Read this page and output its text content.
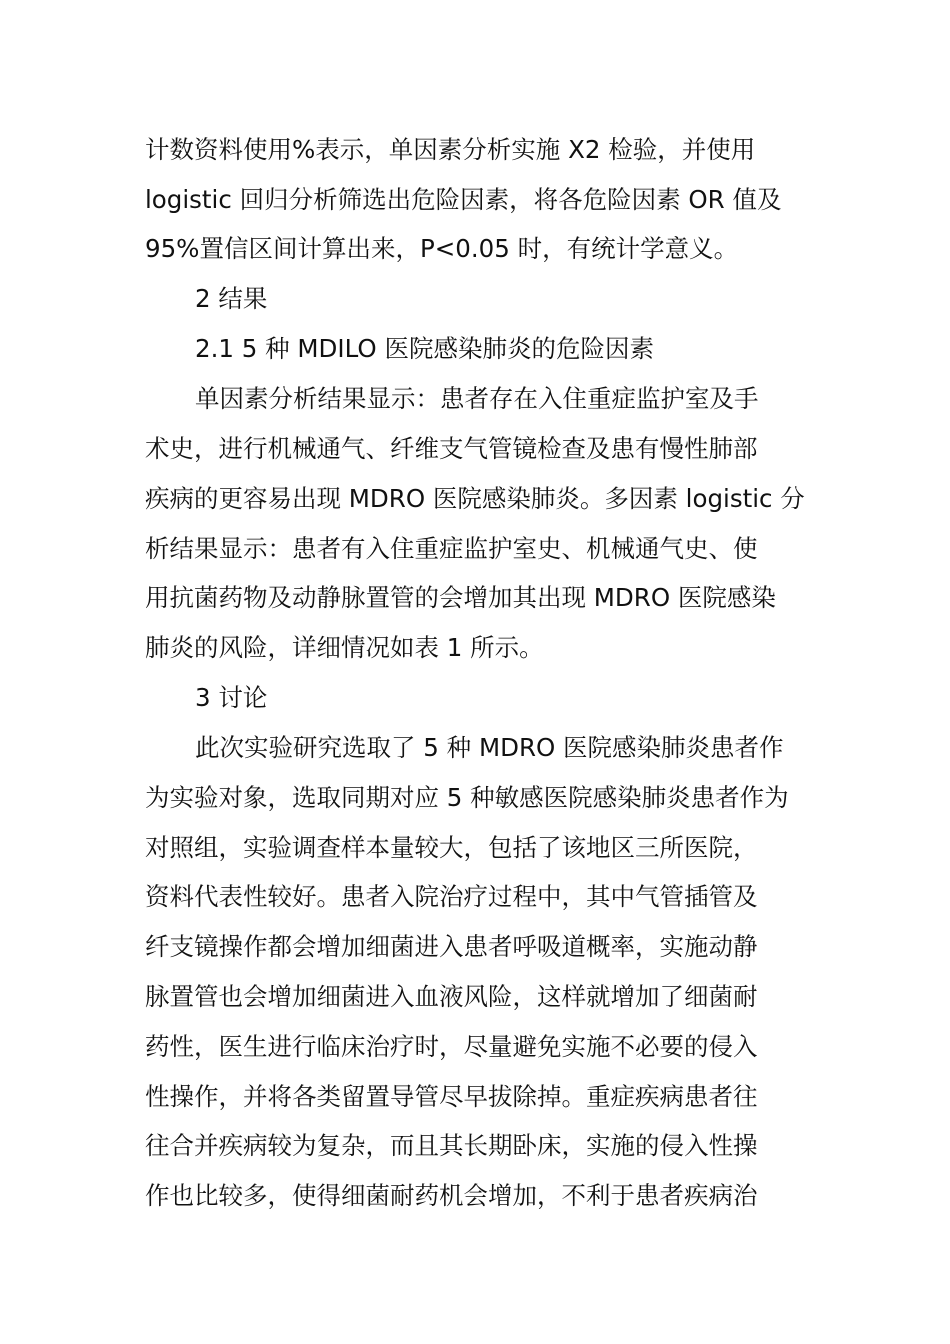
计数资料使用%表示，单因素分析实施 X2 检验，并使用
logistic 回归分析筛选出危险因素，将各危险因素 OR 值及
95%置信区间计算出来，P<0.05 时，有统计学意义。
2 结果
2.1 5 种 MDILO 医院感染肺炎的危险因素
单因素分析结果显示：患者存在入住重症监护室及手
术史，进行机械通气、纤维支气管镜检查及患有慢性肺部
疾病的更容易出现 MDRO 医院感染肺炎。多因素 logistic 分
析结果显示：患者有入住重症监护室史、机械通气史、使
用抗菌药物及动静脉置管的会增加其出现 MDRO 医院感染
肺炎的风险，详细情况如表 1 所示。
3 讨论
此次实验研究选取了 5 种 MDRO 医院感染肺炎患者作
为实验对象，选取同期对应 5 种敏感医院感染肺炎患者作为
对照组，实验调查样本量较大，包括了该地区三所医院，
资料代表性较好。患者入院治疗过程中，其中气管插管及
纤支镜操作都会增加细菌进入患者呼吸道概率，实施动静
脉置管也会增加细菌进入血液风险，这样就增加了细菌耐
药性，医生进行临床治疗时，尽量避免实施不必要的侵入
性操作，并将各类留置导管尽早拔除掉。重症疾病患者往
往合并疾病较为复杂，而且其长期卧床，实施的侵入性操
作也比较多，使得细菌耐药机会增加，不利于患者疾病治
